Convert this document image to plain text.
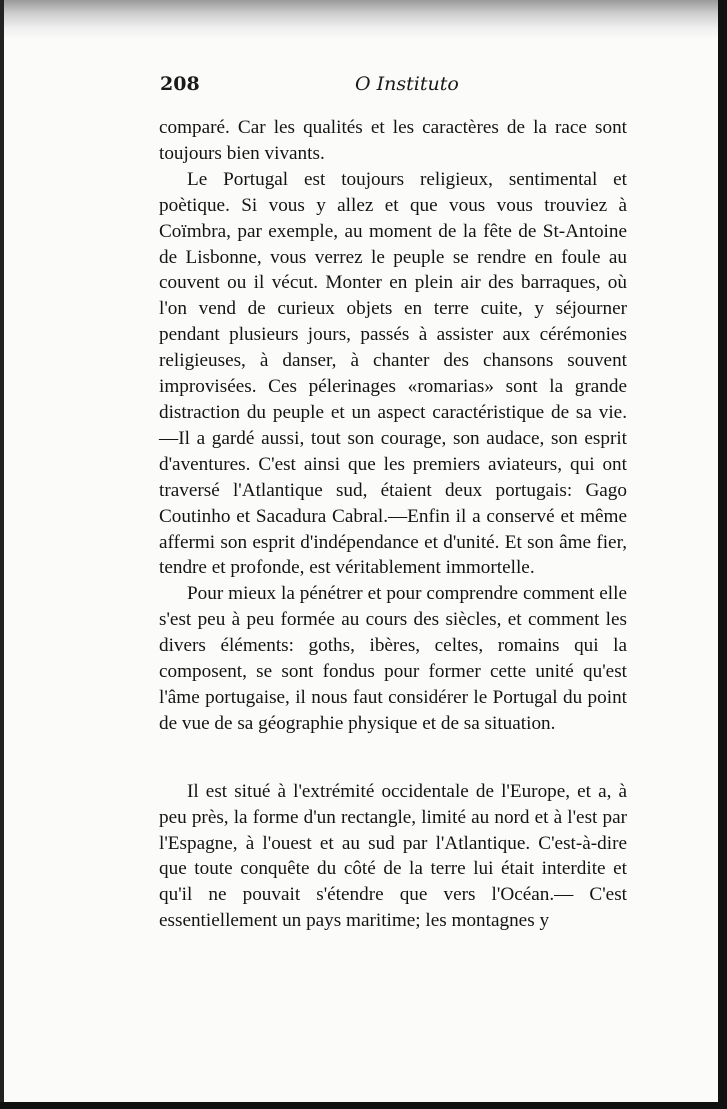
208	O Instituto

comparé. Car les qualités et les caractères de la race sont toujours bien vivants.

Le Portugal est toujours religieux, sentimental et poètique. Si vous y allez et que vous vous trouviez à Coïmbra, par exemple, au moment de la fête de St-Antoine de Lisbonne, vous verrez le peuple se rendre en foule au couvent ou il vécut. Monter en plein air des barraques, où l'on vend de curieux objets en terre cuite, y séjourner pendant plusieurs jours, passés à assister aux cérémonies religieuses, à danser, à chanter des chansons souvent improvisées. Ces pélerinages «romarias» sont la grande distraction du peuple et un aspect caractéristique de sa vie.—Il a gardé aussi, tout son courage, son audace, son esprit d'aventures. C'est ainsi que les premiers aviateurs, qui ont traversé l'Atlantique sud, étaient deux portugais: Gago Coutinho et Sacadura Cabral.—Enfin il a conservé et même affermi son esprit d'indépendance et d'unité. Et son âme fier, tendre et profonde, est véritablement immortelle.

Pour mieux la pénétrer et pour comprendre comment elle s'est peu à peu formée au cours des siècles, et comment les divers éléments: goths, ibères, celtes, romains qui la composent, se sont fondus pour former cette unité qu'est l'âme portugaise, il nous faut considérer le Portugal du point de vue de sa géographie physique et de sa situation.

Il est situé à l'extrémité occidentale de l'Europe, et a, à peu près, la forme d'un rectangle, limité au nord et à l'est par l'Espagne, à l'ouest et au sud par l'Atlantique. C'est-à-dire que toute conquête du côté de la terre lui était interdite et qu'il ne pouvait s'étendre que vers l'Océan.— C'est essentiellement un pays maritime; les montagnes y
